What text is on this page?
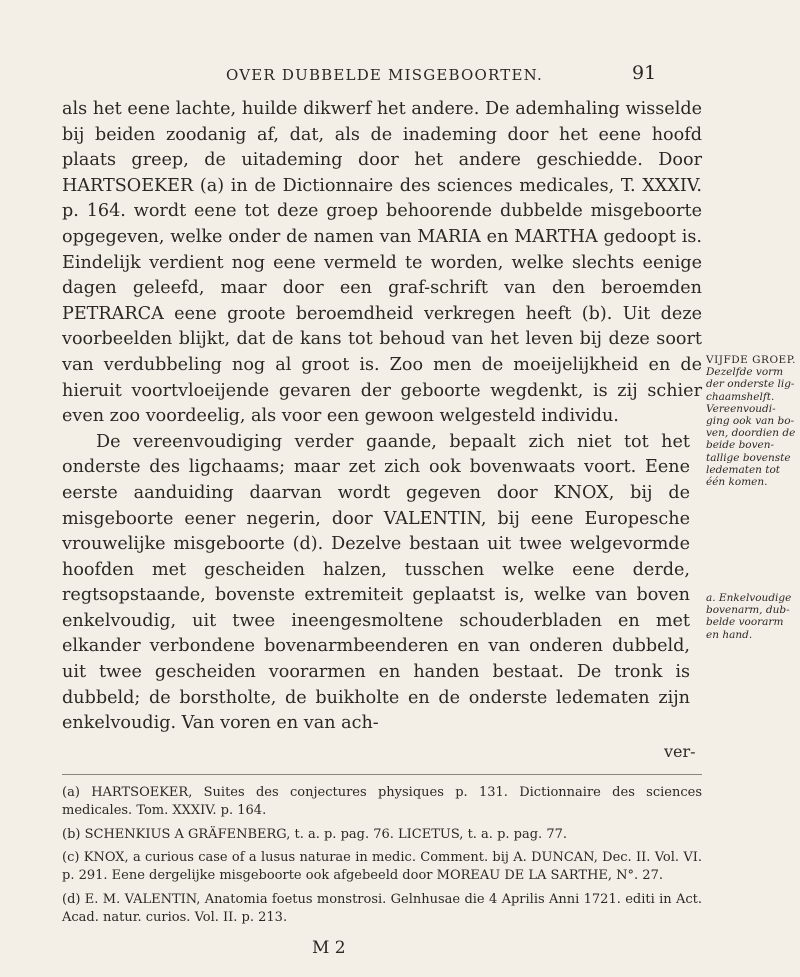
OVER DUBBELDE MISGEBOORTEN.	91

als het eene lachte, huilde dikwerf het andere. De ademhaling wisselde bij beiden zoodanig af, dat, als de inademing door het eene hoofd plaats greep, de uitademing door het andere geschiedde. Door HARTSOEKER (a) in de Dictionnaire des sciences medicales, T. XXXIV. p. 164. wordt eene tot deze groep behoorende dubbelde misgeboorte opgegeven, welke onder de namen van MARIA en MARTHA gedoopt is. Eindelijk verdient nog eene vermeld te worden, welke slechts eenige dagen geleefd, maar door een graf-schrift van den beroemden PETRARCA eene groote beroemdheid verkregen heeft (b). Uit deze voorbeelden blijkt, dat de kans tot behoud van het leven bij deze soort van verdubbeling nog al groot is. Zoo men de moeijelijkheid en de hieruit voortvloeijende gevaren der geboorte wegdenkt, is zij schier even zoo voordeelig, als voor een gewoon welgesteld individu.

De vereenvoudiging verder gaande, bepaalt zich niet tot het onderste des ligchaams; maar zet zich ook bovenwaats voort. Eene eerste aanduiding daarvan wordt gegeven door KNOX, bij de misgeboorte eener negerin, door VALENTIN, bij eene Europesche vrouwelijke misgeboorte (d). Dezelve bestaan uit twee welgevormde hoofden met gescheiden halzen, tusschen welke eene derde, regtsopstaande, bovenste extremiteit geplaatst is, welke van boven enkelvoudig, uit twee ineengesmoltene schouderbladen en met elkander verbondene bovenarmbeenderen en van onderen dubbeld, uit twee gescheiden voorarmen en handen bestaat. De tronk is dubbeld; de borstholte, de buikholte en de onderste ledematen zijn enkelvoudig. Van voren en van ach-

ver-
VIJFDE GROEP. Dezelfde vorm der onderste lig-chaamshelft. Vereenvoudi-ging ook van bo-ven, doordien de beide boven-tallige bovenste ledematen tot één komen.
a. Enkelvoudige bovenarm, dub-belde voorarm en hand.

(a) HARTSOEKER, Suites des conjectures physiques p. 131. Dictionnaire des sciences medicales. Tom. XXXIV. p. 164.

(b) SCHENKIUS A GRÄFENBERG, t. a. p. pag. 76. LICETUS, t. a. p. pag. 77.

(c) KNOX, a curious case of a lusus naturae in medic. Comment. bij A. DUNCAN, Dec. II. Vol. VI. p. 291. Eene dergelijke misgeboorte ook afgebeeld door MOREAU DE LA SARTHE, N°. 27.

(d) E. M. VALENTIN, Anatomia foetus monstrosi. Gelnhusae die 4 Aprilis Anni 1721. editi in Act. Acad. natur. curios. Vol. II. p. 213.

M 2
